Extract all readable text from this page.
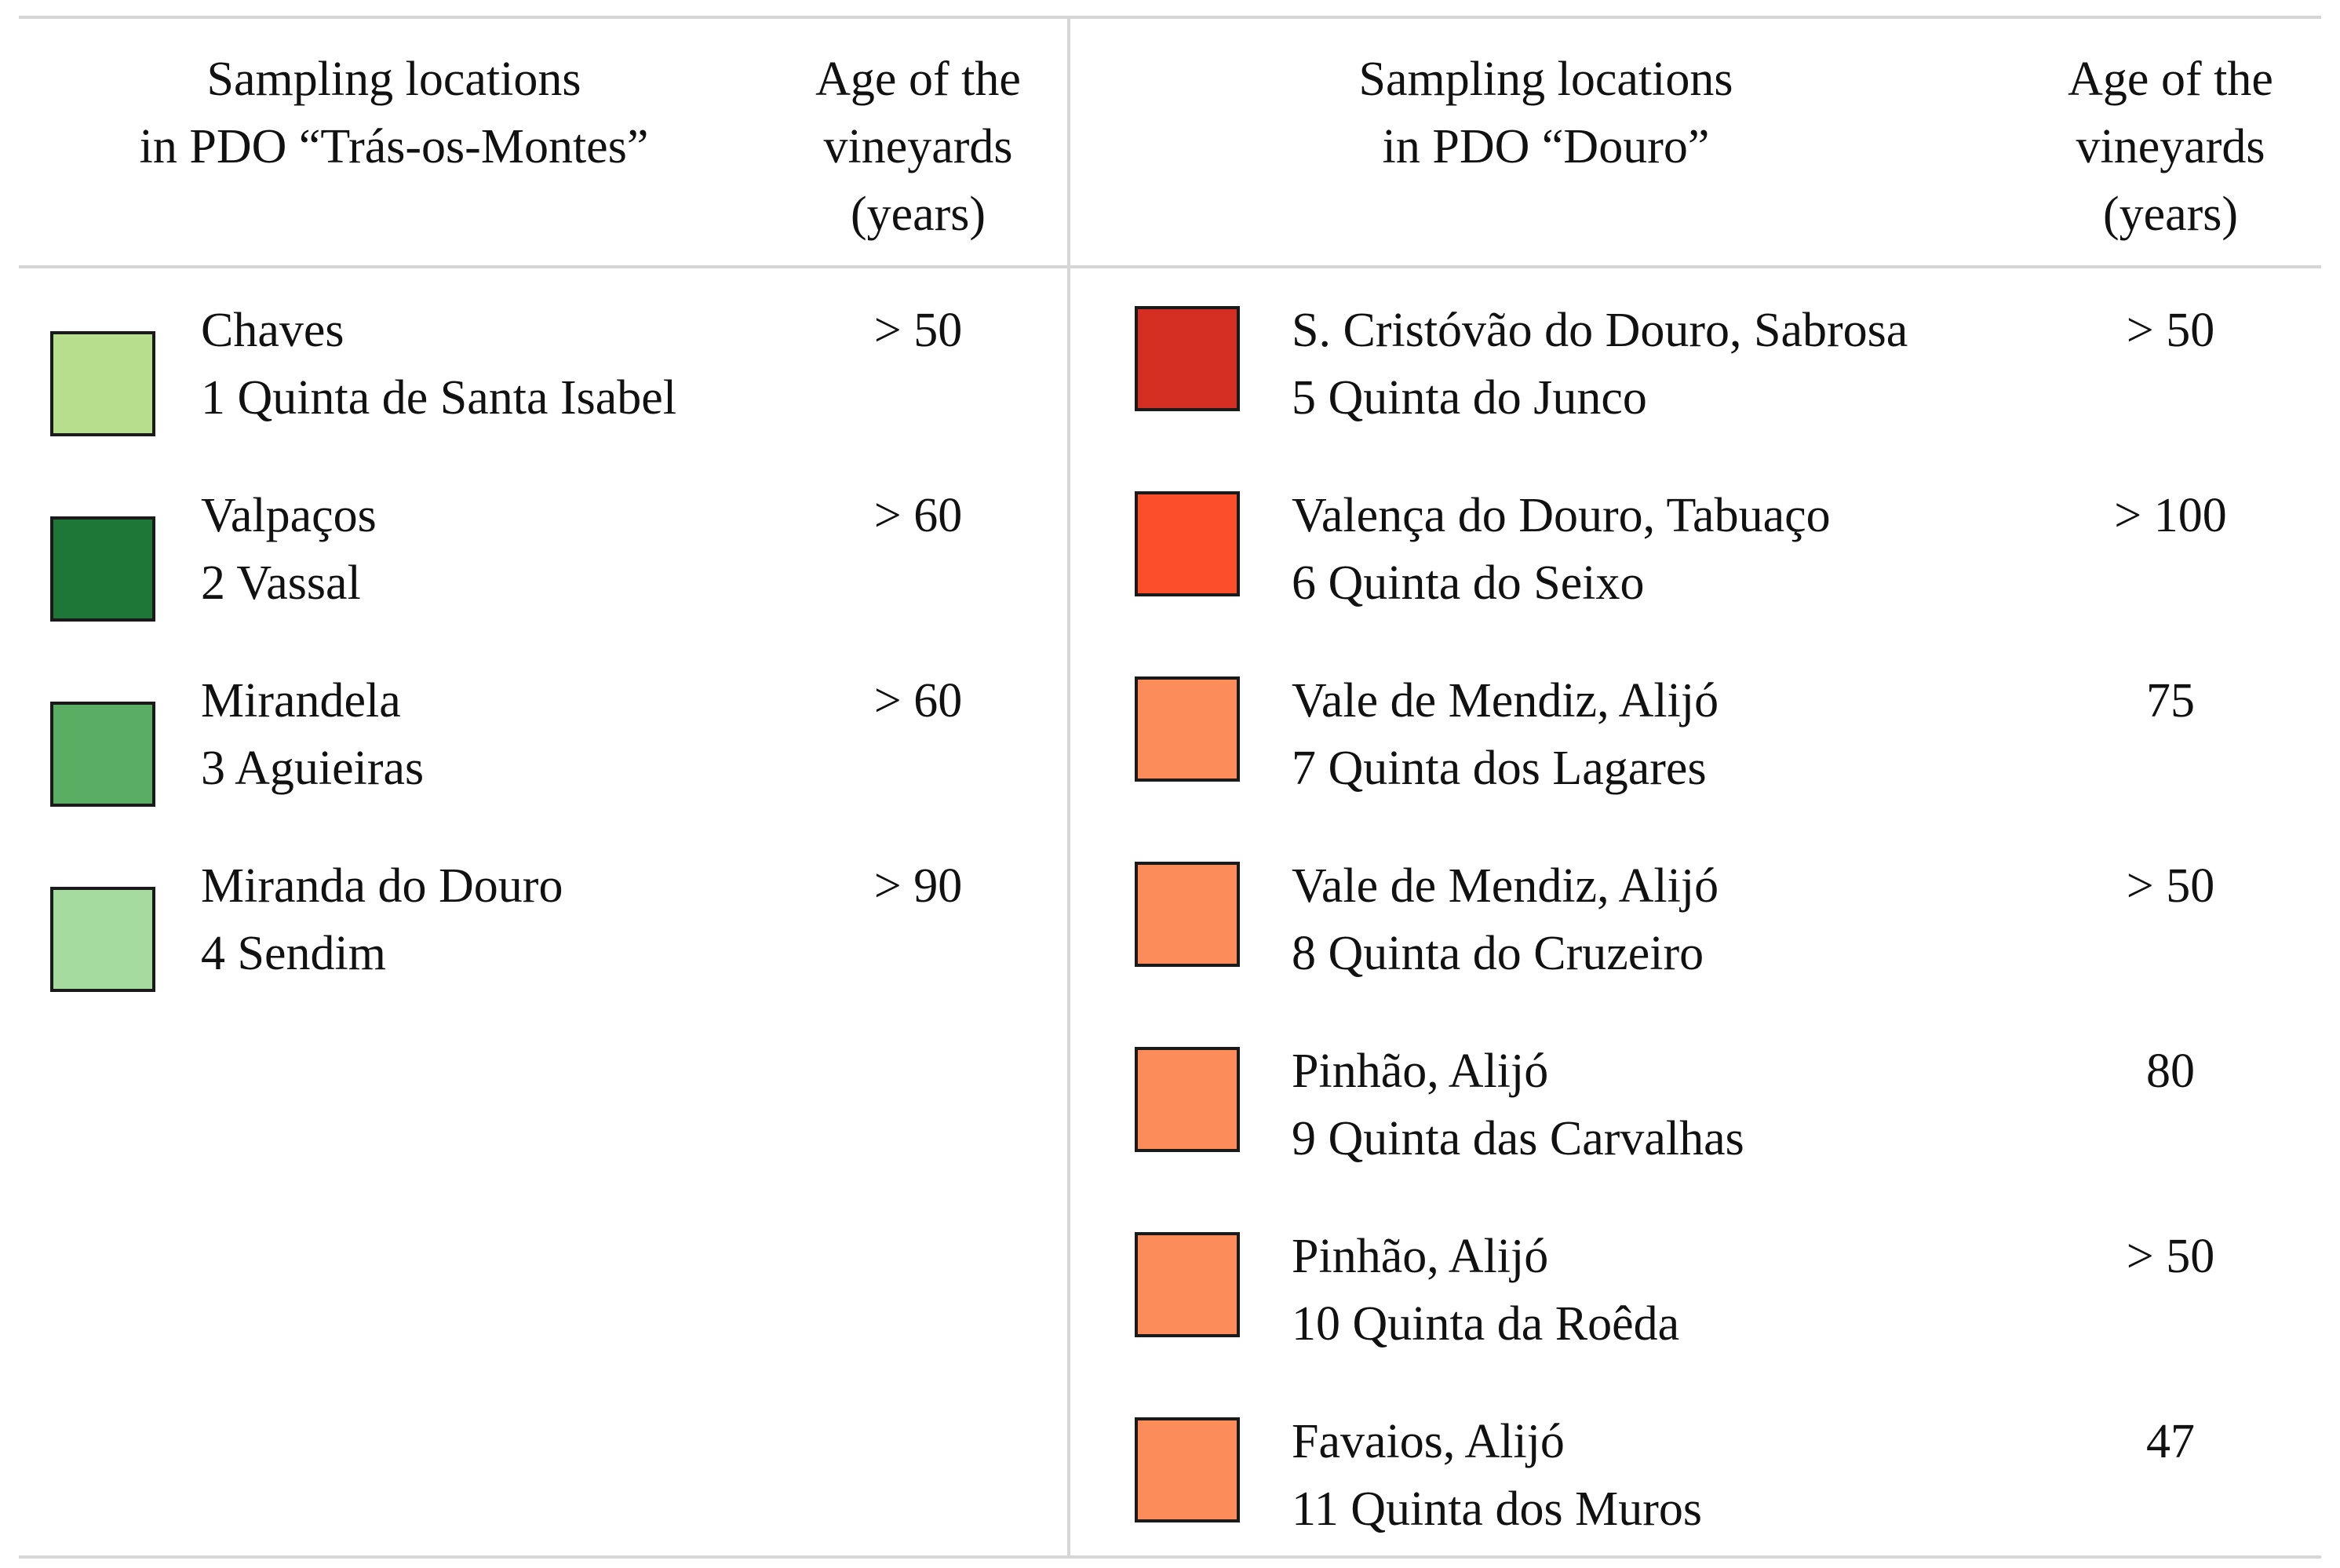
Sampling locations
in PDO “Trás-os-Montes”
Age of the
vineyards
(years)
Sampling locations
in PDO “Douro”
Age of the
vineyards
(years)
Chaves
1 Quinta de Santa Isabel
> 50
Valpaços
2 Vassal
> 60
Mirandela
3 Aguieiras
> 60
Miranda do Douro
4 Sendim
> 90
S. Cristóvão do Douro, Sabrosa
5 Quinta do Junco
> 50
Valença do Douro, Tabuaço
6 Quinta do Seixo
> 100
Vale de Mendiz, Alijó
7 Quinta dos Lagares
75
Vale de Mendiz, Alijó
8 Quinta do Cruzeiro
> 50
Pinhão, Alijó
9 Quinta das Carvalhas
80
Pinhão, Alijó
10 Quinta da Roêda
> 50
Favaios, Alijó
11 Quinta dos Muros
47
